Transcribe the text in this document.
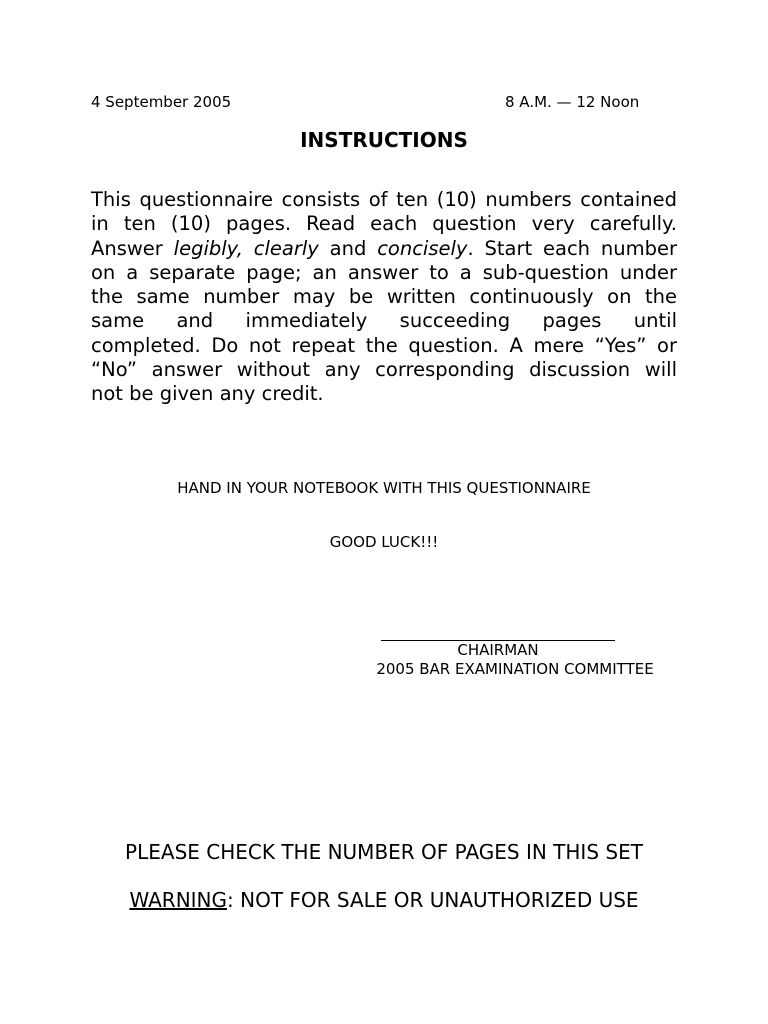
4 September 2005	8 A.M. — 12 Noon
INSTRUCTIONS
This questionnaire consists of ten (10) numbers contained
in ten (10) pages. Read each question very carefully.
Answer legibly, clearly and concisely. Start each number
on a separate page; an answer to a sub-question under
the same number may be written continuously on the
same and immediately succeeding pages until
completed. Do not repeat the question. A mere “Yes” or
“No” answer without any corresponding discussion will
not be given any credit.
HAND IN YOUR NOTEBOOK WITH THIS QUESTIONNAIRE
GOOD LUCK!!!
CHAIRMAN
2005 BAR EXAMINATION COMMITTEE
PLEASE CHECK THE NUMBER OF PAGES IN THIS SET
WARNING: NOT FOR SALE OR UNAUTHORIZED USE
